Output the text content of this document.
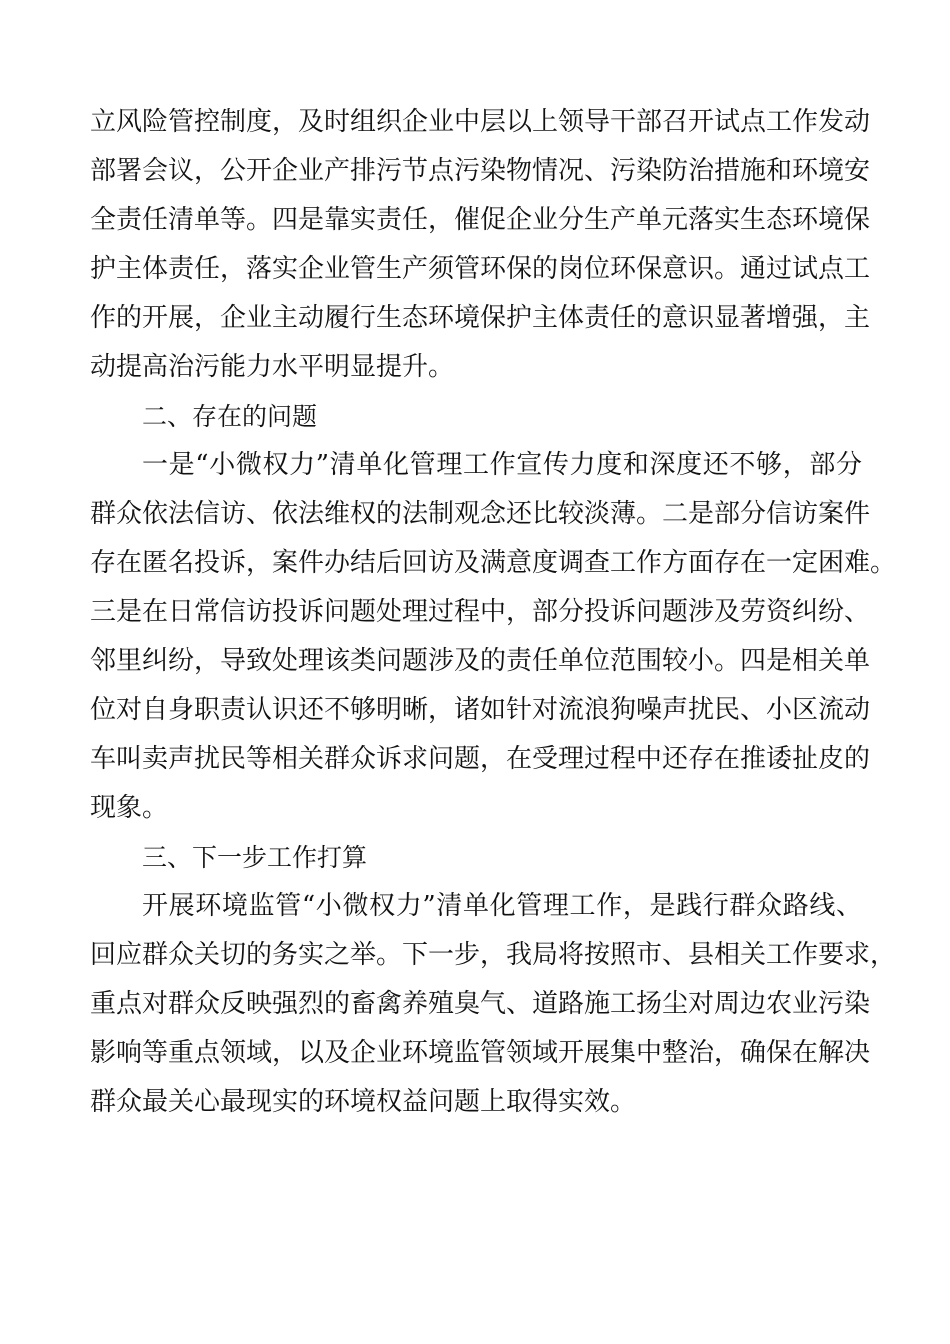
立风险管控制度，及时组织企业中层以上领导干部召开试点工作发动
部署会议，公开企业产排污节点污染物情况、污染防治措施和环境安
全责任清单等。四是靠实责任，催促企业分生产单元落实生态环境保
护主体责任，落实企业管生产须管环保的岗位环保意识。通过试点工
作的开展，企业主动履行生态环境保护主体责任的意识显著增强，主
动提高治污能力水平明显提升。
二、存在的问题
一是“小微权力”清单化管理工作宣传力度和深度还不够，部分
群众依法信访、依法维权的法制观念还比较淡薄。二是部分信访案件
存在匿名投诉，案件办结后回访及满意度调查工作方面存在一定困难。
三是在日常信访投诉问题处理过程中，部分投诉问题涉及劳资纠纷、
邻里纠纷，导致处理该类问题涉及的责任单位范围较小。四是相关单
位对自身职责认识还不够明晰，诸如针对流浪狗噪声扰民、小区流动
车叫卖声扰民等相关群众诉求问题，在受理过程中还存在推诿扯皮的
现象。
三、下一步工作打算
开展环境监管“小微权力”清单化管理工作，是践行群众路线、
回应群众关切的务实之举。下一步，我局将按照市、县相关工作要求，
重点对群众反映强烈的畜禽养殖臭气、道路施工扬尘对周边农业污染
影响等重点领域，以及企业环境监管领域开展集中整治，确保在解决
群众最关心最现实的环境权益问题上取得实效。
